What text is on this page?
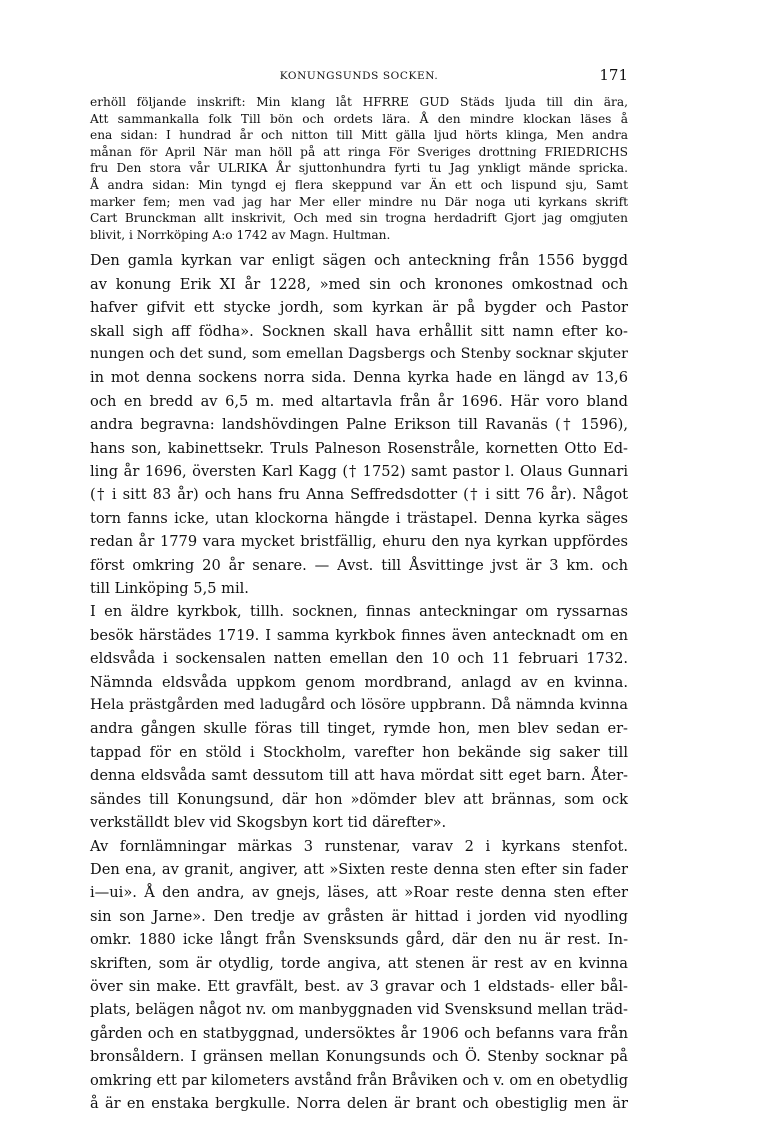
KONUNGSUNDS SOCKEN.	171

erhöll följande inskrift: Min klang låt HFRRE GUD Städs ljuda till din ära,
Att sammankalla folk Till bön och ordets lära. Å den mindre klockan läses å
ena sidan: I hundrad år och nitton till Mitt gälla ljud hörts klinga, Men andra
månan för April När man höll på att ringa För Sveriges drottning FRIEDRICHS
fru Den stora vår ULRIKA År sjuttonhundra fyrti tu Jag ynkligt mände spricka.
Å andra sidan: Min tyngd ej flera skeppund var Än ett och lispund sju, Samt
marker fem; men vad jag har Mer eller mindre nu Där noga uti kyrkans skrift
Cart Brunckman allt inskrivit, Och med sin trogna herdadrift Gjort jag omgjuten
blivit, i Norrköping A:o 1742 av Magn. Hultman.

Den gamla kyrkan var enligt sägen och anteckning från 1556 byggd
av konung Erik XI år 1228, »med sin och kronones omkostnad och
hafver gifvit ett stycke jordh, som kyrkan är på bygder och Pastor
skall sigh aff födha». Socknen skall hava erhållit sitt namn efter ko-
nungen och det sund, som emellan Dagsbergs och Stenby socknar skjuter
in mot denna sockens norra sida. Denna kyrka hade en längd av 13,6
och en bredd av 6,5 m. med altartavla från år 1696. Här voro bland
andra begravna: landshövdingen Palne Erikson till Ravanäs († 1596),
hans son, kabinettsekr. Truls Palneson Rosenstråle, kornetten Otto Ed-
ling år 1696, översten Karl Kagg († 1752) samt pastor l. Olaus Gunnari
(† i sitt 83 år) och hans fru Anna Seffredsdotter († i sitt 76 år). Något
torn fanns icke, utan klockorna hängde i trästapel. Denna kyrka säges
redan år 1779 vara mycket bristfällig, ehuru den nya kyrkan uppfördes
först omkring 20 år senare. — Avst. till Åsvittinge jvst är 3 km. och
till Linköping 5,5 mil.

I en äldre kyrkbok, tillh. socknen, finnas anteckningar om ryssarnas
besök härstädes 1719. I samma kyrkbok finnes även antecknadt om en
eldsvåda i sockensalen natten emellan den 10 och 11 februari 1732.
Nämnda eldsvåda uppkom genom mordbrand, anlagd av en kvinna.
Hela prästgården med ladugård och lösöre uppbrann. Då nämnda kvinna
andra gången skulle föras till tinget, rymde hon, men blev sedan er-
tappad för en stöld i Stockholm, varefter hon bekände sig saker till
denna eldsvåda samt dessutom till att hava mördat sitt eget barn. Åter-
sändes till Konungsund, där hon »dömder blev att brännas, som ock
verkställdt blev vid Skogsbyn kort tid därefter».

Av fornlämningar märkas 3 runstenar, varav 2 i kyrkans stenfot.
Den ena, av granit, angiver, att »Sixten reste denna sten efter sin fader
i—ui». Å den andra, av gnejs, läses, att »Roar reste denna sten efter
sin son Jarne». Den tredje av gråsten är hittad i jorden vid nyodling
omkr. 1880 icke långt från Svensksunds gård, där den nu är rest. In-
skriften, som är otydlig, torde angiva, att stenen är rest av en kvinna
över sin make. Ett gravfält, best. av 3 gravar och 1 eldstads- eller bål-
plats, belägen något nv. om manbyggnaden vid Svensksund mellan träd-
gården och en statbyggnad, undersöktes år 1906 och befanns vara från
bronsåldern. I gränsen mellan Konungsunds och Ö. Stenby socknar på
omkring ett par kilometers avstånd från Bråviken och v. om en obetydlig
å är en enstaka bergkulle. Norra delen är brant och obestiglig men är
